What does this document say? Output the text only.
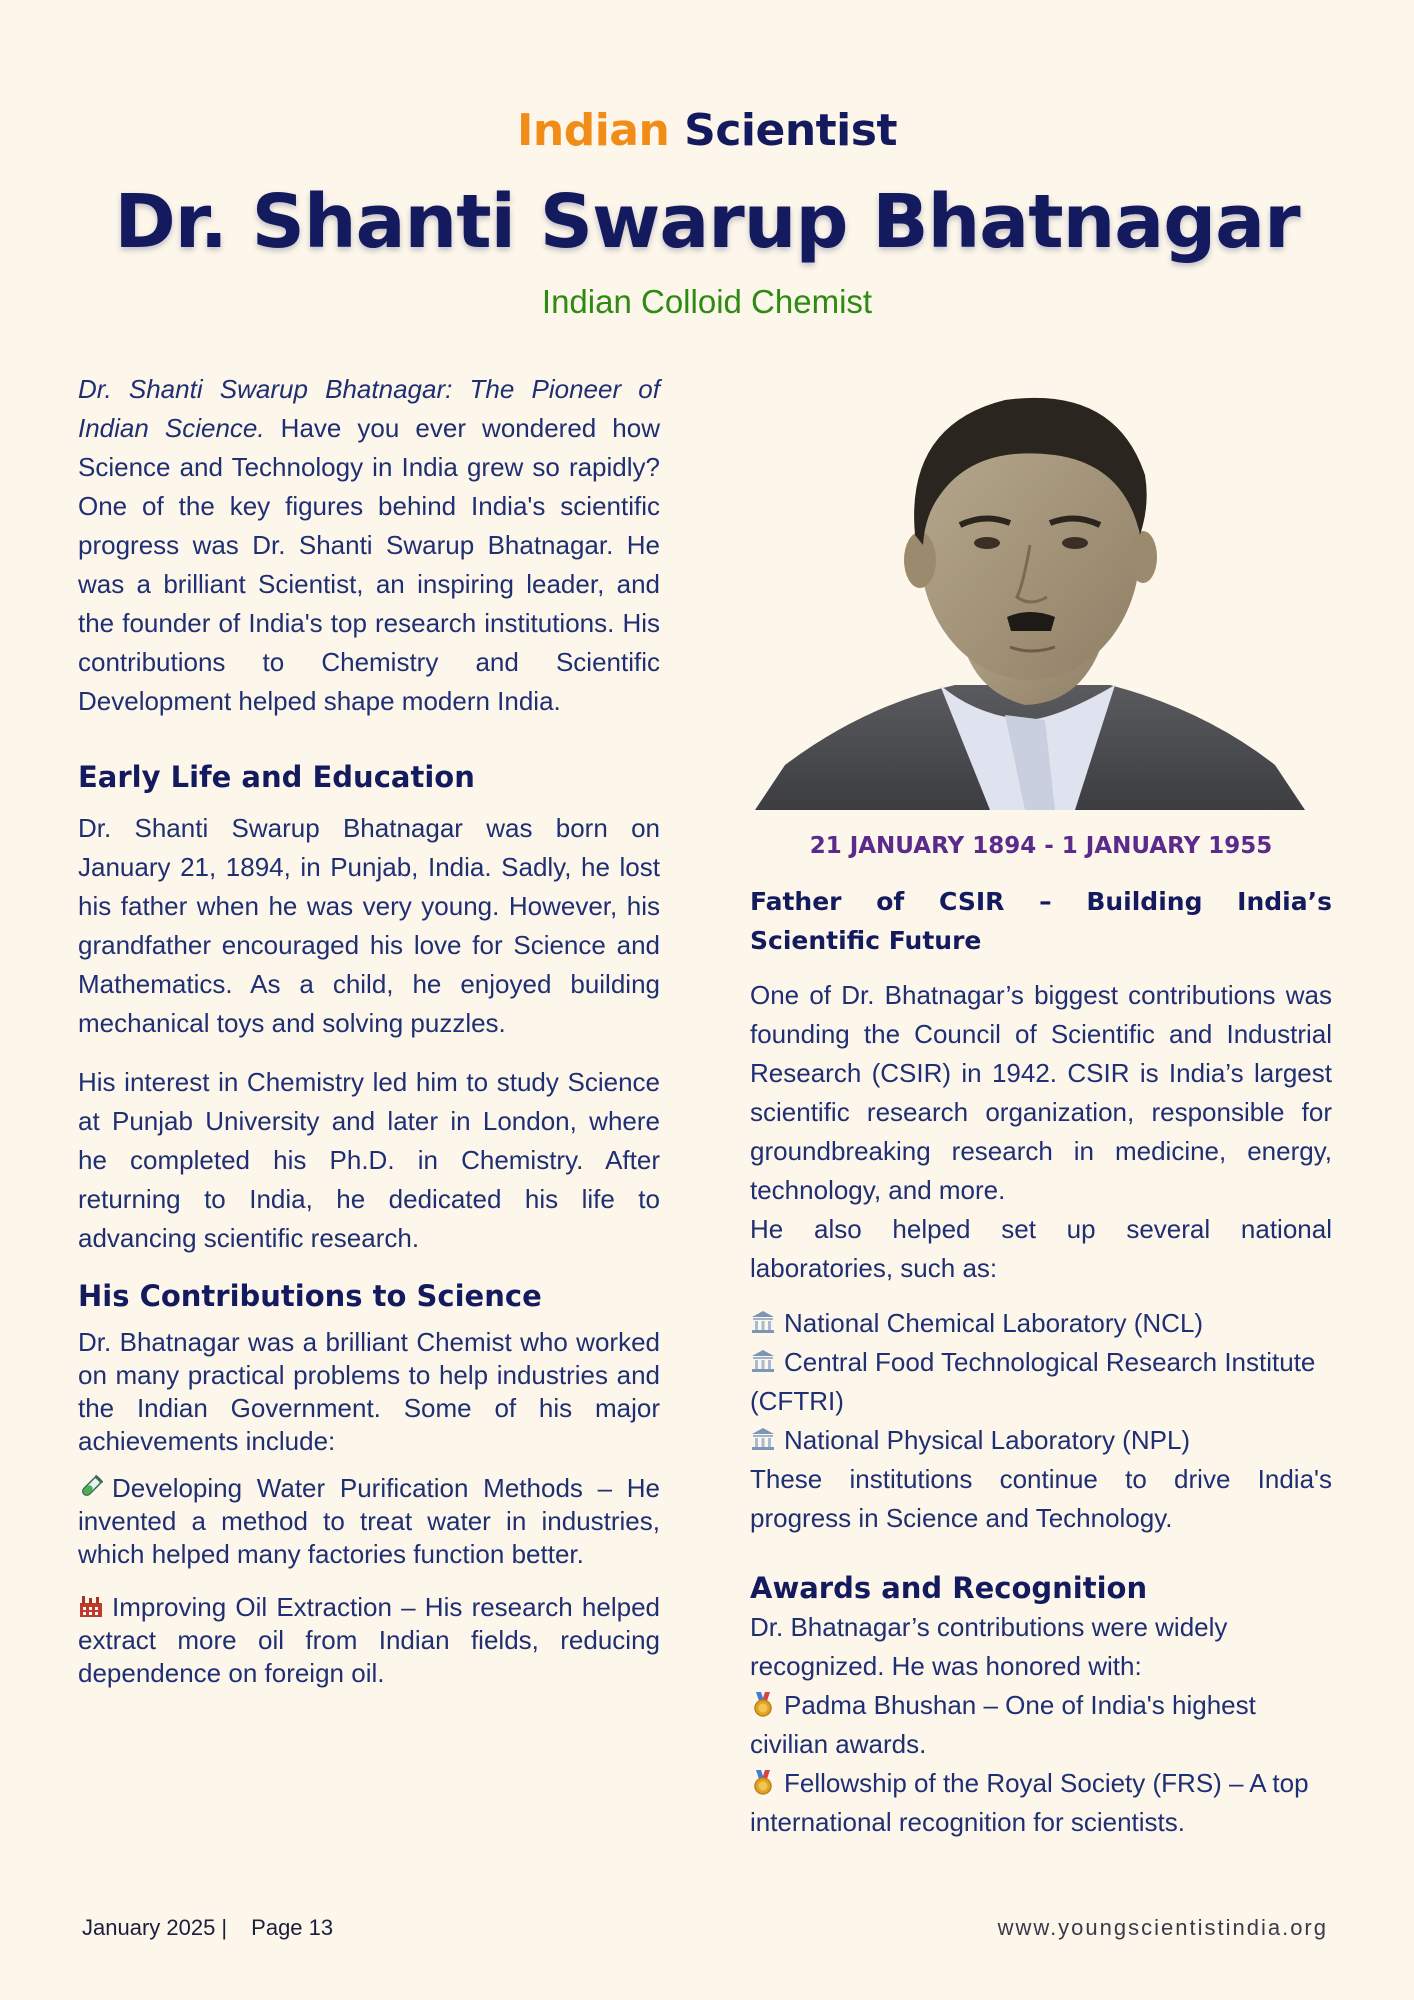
Indian Scientist
Dr. Shanti Swarup Bhatnagar
Indian Colloid Chemist

Dr. Shanti Swarup Bhatnagar: The Pioneer of Indian Science. Have you ever wondered how Science and Technology in India grew so rapidly? One of the key figures behind India's scientific progress was Dr. Shanti Swarup Bhatnagar. He was a brilliant Scientist, an inspiring leader, and the founder of India's top research institutions. His contributions to Chemistry and Scientific Development helped shape modern India.

Early Life and Education

Dr. Shanti Swarup Bhatnagar was born on January 21, 1894, in Punjab, India. Sadly, he lost his father when he was very young. However, his grandfather encouraged his love for Science and Mathematics. As a child, he enjoyed building mechanical toys and solving puzzles.

His interest in Chemistry led him to study Science at Punjab University and later in London, where he completed his Ph.D. in Chemistry. After returning to India, he dedicated his life to advancing scientific research.

His Contributions to Science

Dr. Bhatnagar was a brilliant Chemist who worked on many practical problems to help industries and the Indian Government. Some of his major achievements include:

Developing Water Purification Methods – He invented a method to treat water in industries, which helped many factories function better.

Improving Oil Extraction – His research helped extract more oil from Indian fields, reducing dependence on foreign oil.

21 JANUARY 1894 - 1 JANUARY 1955
Father of CSIR – Building India’s Scientific Future

One of Dr. Bhatnagar’s biggest contributions was founding the Council of Scientific and Industrial Research (CSIR) in 1942. CSIR is India’s largest scientific research organization, responsible for groundbreaking research in medicine, energy, technology, and more.

He also helped set up several national laboratories, such as:

National Chemical Laboratory (NCL)
Central Food Technological Research Institute (CFTRI)
National Physical Laboratory (NPL)

These institutions continue to drive India's progress in Science and Technology.

Awards and Recognition

Dr. Bhatnagar’s contributions were widely recognized. He was honored with:

Padma Bhushan – One of India's highest civilian awards.
Fellowship of the Royal Society (FRS) – A top international recognition for scientists.
January 2025 | Page 13	www.youngscientistindia.org
